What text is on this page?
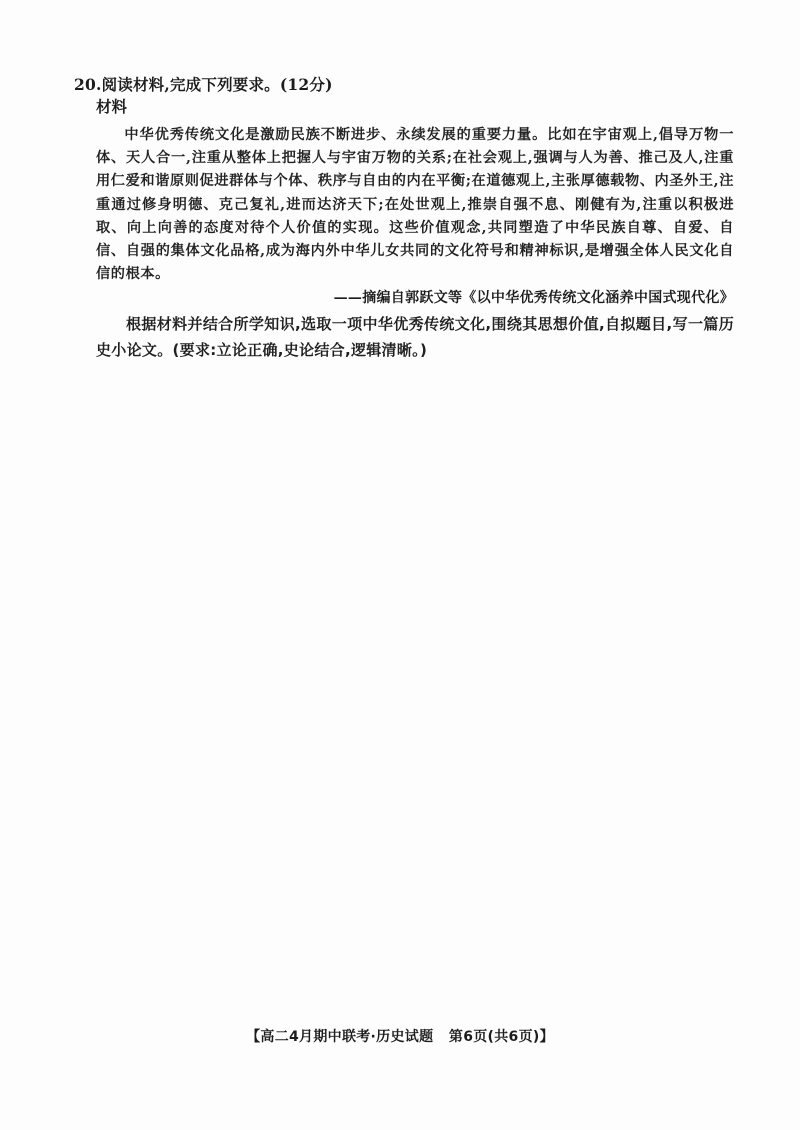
20.阅读材料,完成下列要求。(12分)
材料
中华优秀传统文化是激励民族不断进步、永续发展的重要力量。比如在宇宙观上,倡导万物一体、天人合一,注重从整体上把握人与宇宙万物的关系;在社会观上,强调与人为善、推己及人,注重用仁爱和谐原则促进群体与个体、秩序与自由的内在平衡;在道德观上,主张厚德载物、内圣外王,注重通过修身明德、克己复礼,进而达济天下;在处世观上,推崇自强不息、刚健有为,注重以积极进取、向上向善的态度对待个人价值的实现。这些价值观念,共同塑造了中华民族自尊、自爱、自信、自强的集体文化品格,成为海内外中华儿女共同的文化符号和精神标识,是增强全体人民文化自信的根本。
——摘编自郭跃文等《以中华优秀传统文化涵养中国式现代化》
根据材料并结合所学知识,选取一项中华优秀传统文化,围绕其思想价值,自拟题目,写一篇历史小论文。(要求:立论正确,史论结合,逻辑清晰。)
【高二4月期中联考·历史试题   第6页(共6页)】
